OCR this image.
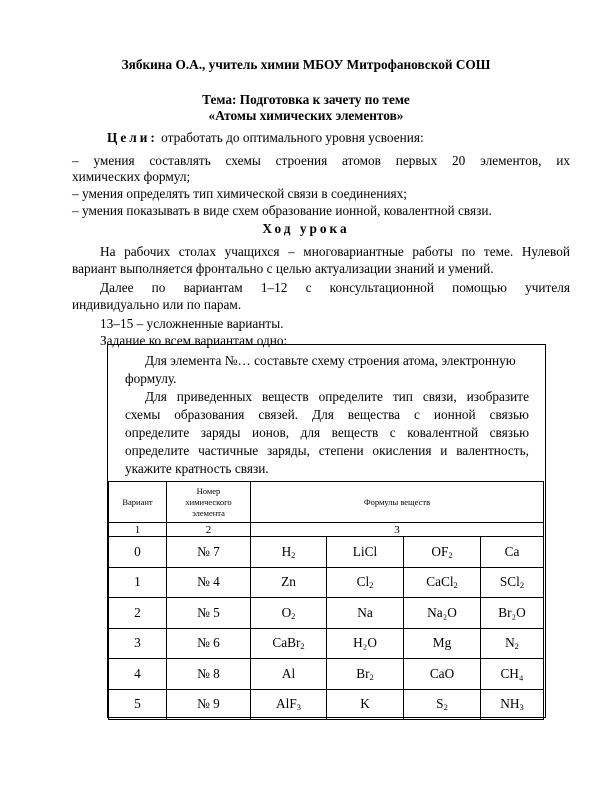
Зябкина О.А., учитель химии МБОУ Митрофановской СОШ
Тема: Подготовка к зачету по теме
«Атомы химических элементов»
Цели: отработать до оптимального уровня усвоения:
– умения составлять схемы строения атомов первых 20 элементов, их
химических формул;
– умения определять тип химической связи в соединениях;
– умения показывать в виде схем образование ионной, ковалентной связи.
Ход урока
На рабочих столах учащихся – многовариантные работы по теме. Нулевой
вариант выполняется фронтально с целью актуализации знаний и умений.
Далее по вариантам 1–12 с консультационной помощью учителя
индивидуально или по парам.
13–15 – усложненные варианты.
Задание ко всем вариантам одно:
Для элемента №… составьте схему строения атома, электронную
формулу.
Для приведенных веществ определите тип связи, изобразите
схемы образования связей. Для вещества с ионной связью
определите заряды ионов, для веществ с ковалентной связью
определите частичные заряды, степени окисления и валентность,
укажите кратность связи.
Вариант	Номер химического элемента	Формулы веществ			
1	2	3			
0	№ 7	$H_2$	LiCl	$OF_2$	Ca
1	№ 4	Zn	$Cl_2$	CaCl$_2$	SCl$_2$
2	№ 5	$O_2$	Na	Na₂O	Br₂O
3	№ 6	CaBr$_2$	H₂O	Mg	$N_2$
4	№ 8	Al	$Br_2$	CaO	CH₄
5	№ 9	AlF$_3$	K	$S_2$	$NH_3$
